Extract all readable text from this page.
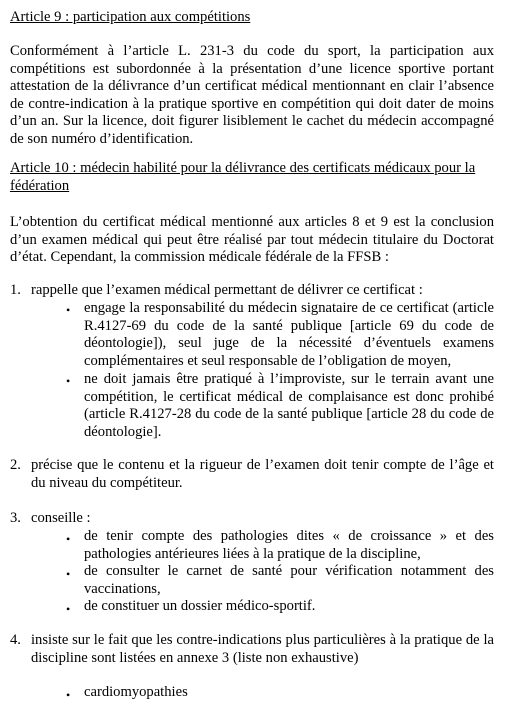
Article 9 : participation aux compétitions

Conformément à l’article L. 231-3 du code du sport, la participation aux compétitions est subordonnée à la présentation d’une licence sportive portant attestation de la délivrance d’un certificat médical mentionnant en clair l’absence de contre-indication à la pratique sportive en compétition qui doit dater de moins d’un an. Sur la licence, doit figurer lisiblement le cachet du médecin accompagné de son numéro d’identification.

Article 10 : médecin habilité pour la délivrance des certificats médicaux pour la fédération

L’obtention du certificat médical mentionné aux articles 8 et 9 est la conclusion d’un examen médical qui peut être réalisé par tout médecin titulaire du Doctorat d’état. Cependant, la commission médicale fédérale de la FFSB :

1. rappelle que l’examen médical permettant de délivrer ce certificat :

• engage la responsabilité du médecin signataire de ce certificat (article R.4127-69 du code de la santé publique [article 69 du code de déontologie]), seul juge de la nécessité d’éventuels examens complémentaires et seul responsable de l’obligation de moyen,

• ne doit jamais être pratiqué à l’improviste, sur le terrain avant une compétition, le certificat médical de complaisance est donc prohibé (article R.4127-28 du code de la santé publique [article 28 du code de déontologie].

2. précise que le contenu et la rigueur de l’examen doit tenir compte de l’âge et du niveau du compétiteur.

3. conseille :

• de tenir compte des pathologies dites « de croissance » et des pathologies antérieures liées à la pratique de la discipline,

• de consulter le carnet de santé pour vérification notamment des vaccinations,

• de constituer un dossier médico-sportif.

4. insiste sur le fait que les contre-indications plus particulières à la pratique de la discipline sont listées en annexe 3 (liste non exhaustive)

• cardiomyopathies
